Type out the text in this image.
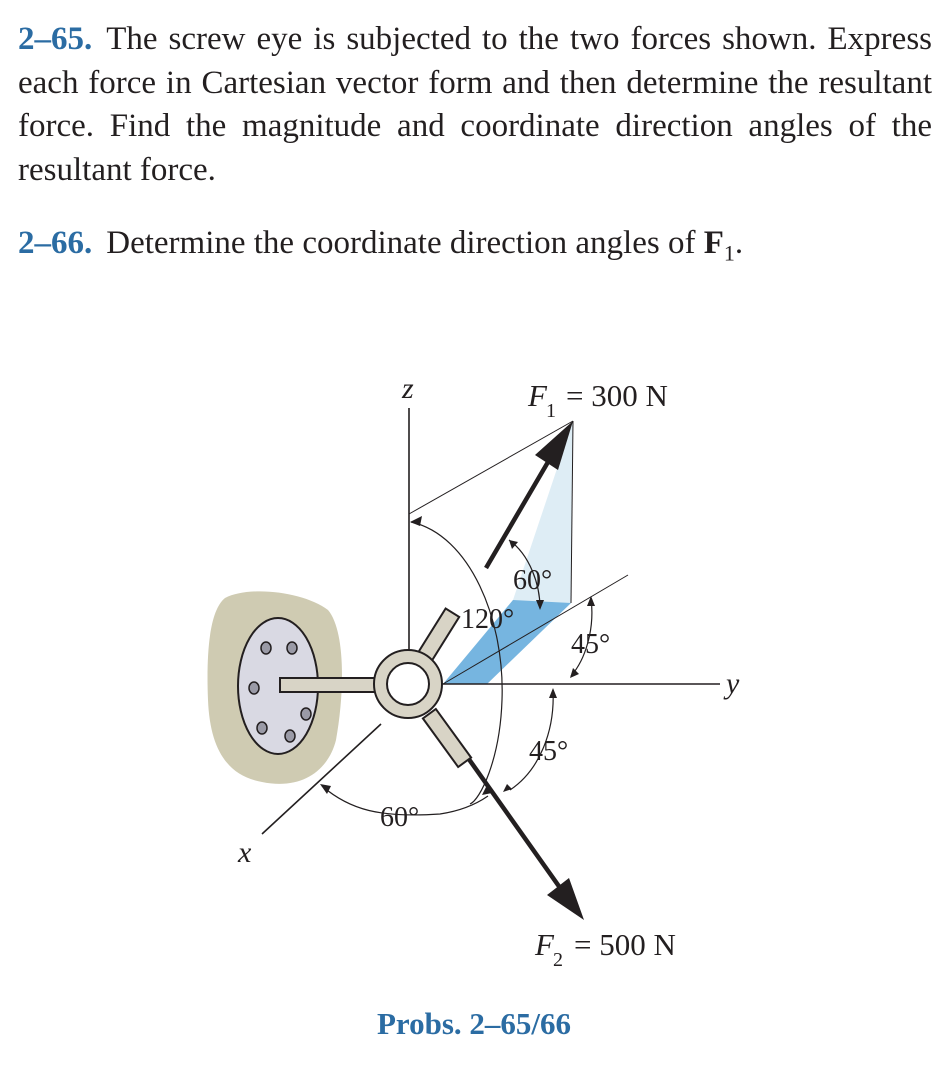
2–65. The screw eye is subjected to the two forces shown. Express each force in Cartesian vector form and then determine the resultant force. Find the magnitude and coordinate direction angles of the resultant force.
2–66. Determine the coordinate direction angles of $F_1$.
z
y
x
F 1 = 300 N
F 2 = 500 N
60°
120°
45°
45°
60°
Probs. 2–65/66
